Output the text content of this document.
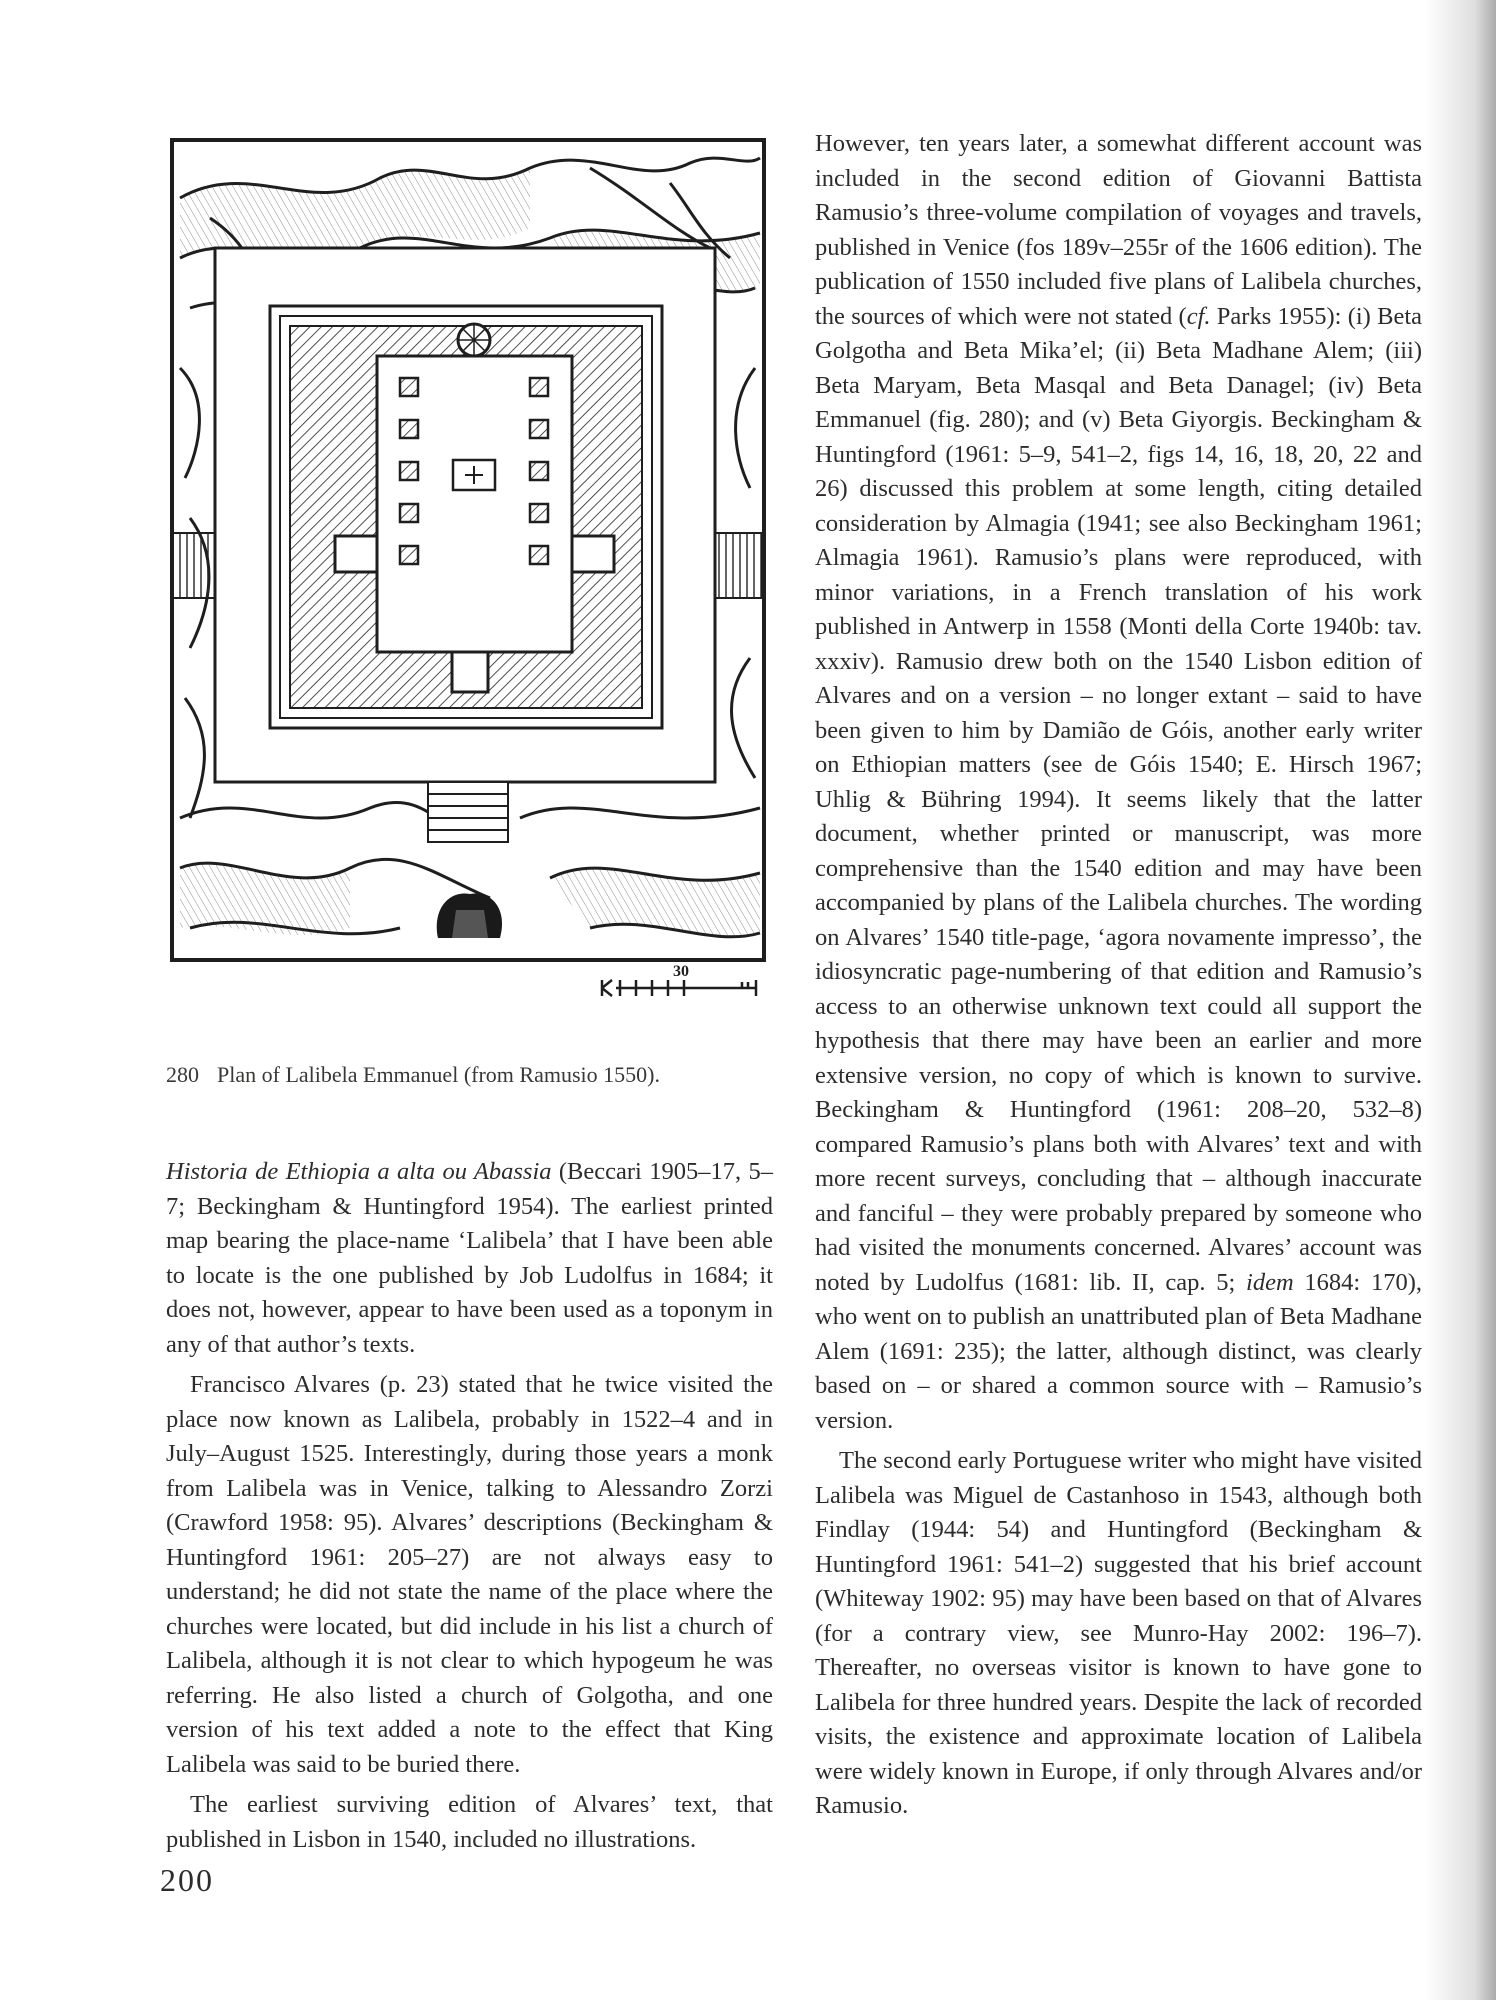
30
280 Plan of Lalibela Emmanuel (from Ramusio 1550).

Historia de Ethiopia a alta ou Abassia (Beccari 1905–17, 5–7; Beckingham & Huntingford 1954). The earliest printed map bearing the place-name ‘Lalibela’ that I have been able to locate is the one published by Job Ludolfus in 1684; it does not, however, appear to have been used as a toponym in any of that author’s texts.

Francisco Alvares (p. 23) stated that he twice visited the place now known as Lalibela, probably in 1522–4 and in July–August 1525. Interestingly, during those years a monk from Lalibela was in Venice, talking to Alessandro Zorzi (Crawford 1958: 95). Alvares’ descriptions (Beckingham & Huntingford 1961: 205–27) are not always easy to understand; he did not state the name of the place where the churches were located, but did include in his list a church of Lalibela, although it is not clear to which hypogeum he was referring. He also listed a church of Golgotha, and one version of his text added a note to the effect that King Lalibela was said to be buried there.

The earliest surviving edition of Alvares’ text, that published in Lisbon in 1540, included no illustrations.

However, ten years later, a somewhat different account was included in the second edition of Giovanni Battista Ramusio’s three-volume compilation of voyages and travels, published in Venice (fos 189v–255r of the 1606 edition). The publication of 1550 included five plans of Lalibela churches, the sources of which were not stated (cf. Parks 1955): (i) Beta Golgotha and Beta Mika’el; (ii) Beta Madhane Alem; (iii) Beta Maryam, Beta Masqal and Beta Danagel; (iv) Beta Emmanuel (fig. 280); and (v) Beta Giyorgis. Beckingham & Huntingford (1961: 5–9, 541–2, figs 14, 16, 18, 20, 22 and 26) discussed this problem at some length, citing detailed consideration by Almagia (1941; see also Beckingham 1961; Almagia 1961). Ramusio’s plans were reproduced, with minor variations, in a French translation of his work published in Antwerp in 1558 (Monti della Corte 1940b: tav. xxxiv). Ramusio drew both on the 1540 Lisbon edition of Alvares and on a version – no longer extant – said to have been given to him by Damião de Góis, another early writer on Ethiopian matters (see de Góis 1540; E. Hirsch 1967; Uhlig & Bühring 1994). It seems likely that the latter document, whether printed or manuscript, was more comprehensive than the 1540 edition and may have been accompanied by plans of the Lalibela churches. The wording on Alvares’ 1540 title-page, ‘agora novamente impresso’, the idiosyncratic page-numbering of that edition and Ramusio’s access to an otherwise unknown text could all support the hypothesis that there may have been an earlier and more extensive version, no copy of which is known to survive. Beckingham & Huntingford (1961: 208–20, 532–8) compared Ramusio’s plans both with Alvares’ text and with more recent surveys, concluding that – although inaccurate and fanciful – they were probably prepared by someone who had visited the monuments concerned. Alvares’ account was noted by Ludolfus (1681: lib. II, cap. 5; idem 1684: 170), who went on to publish an unattributed plan of Beta Madhane Alem (1691: 235); the latter, although distinct, was clearly based on – or shared a common source with – Ramusio’s version.

The second early Portuguese writer who might have visited Lalibela was Miguel de Castanhoso in 1543, although both Findlay (1944: 54) and Huntingford (Beckingham & Huntingford 1961: 541–2) suggested that his brief account (Whiteway 1902: 95) may have been based on that of Alvares (for a contrary view, see Munro-Hay 2002: 196–7). Thereafter, no overseas visitor is known to have gone to Lalibela for three hundred years. Despite the lack of recorded visits, the existence and approximate location of Lalibela were widely known in Europe, if only through Alvares and/or Ramusio.

200
